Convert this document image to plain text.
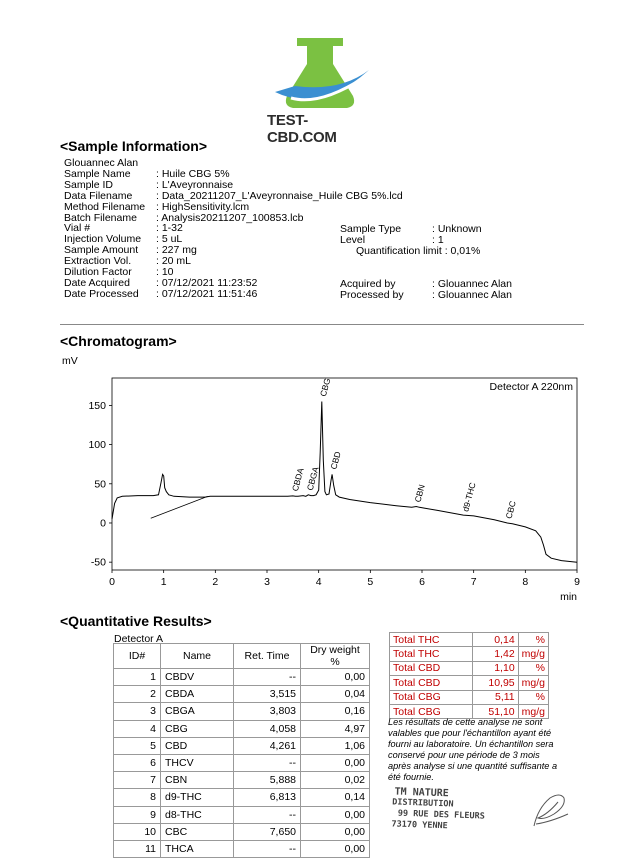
TEST-CBD.COM
<Sample Information>
Glouannec Alan
Sample Name : Huile CBG 5%
Sample ID	: L'Aveyronnaise
Data Filename : Data_20211207_L'Aveyronnaise_Huile CBG 5%.lcd
Method Filename : HighSensitivity.lcm
Batch Filename : Analysis20211207_100853.lcb
Vial #	: 1-32
Injection Volume : 5 uL
Sample Amount : 227 mg
Extraction Vol. : 20 mL
Dilution Factor : 10
Date Acquired : 07/12/2021 11:23:52
Date Processed : 07/12/2021 11:51:46
Sample Type	: Unknown
Level	: 1
Quantification limit : 0,01%
Acquired by	: Glouannec Alan
Processed by	: Glouannec Alan
<Chromatogram>
mV
Detector A 220nm
150
100
50
0
-50
0	1	2	3	4	5	6	7	8	9
min
CBDA CBGA
CBG
CBD
CBN	d9-THC	CBC
<Quantitative Results>
Detector A
ID#	Name	Ret. Time	Dry weight %
1	CBDV	--	0,00
2	CBDA	3,515	0,04
3	CBGA	3,803	0,16
4	CBG	4,058	4,97
5	CBD	4,261	1,06
6	THCV	--	0,00
7	CBN	5,888	0,02
8	d9-THC	6,813	0,14
9	d8-THC	--	0,00
10	CBC	7,650	0,00
11	THCA	--	0,00
Total THC	0,14	%
Total THC	1,42	mg/g
Total CBD	1,10	%
Total CBD	10,95	mg/g
Total CBG	5,11	%
Total CBG	51,10	mg/g
Les résultats de cette analyse ne sont valables que pour l'échantillon ayant été fourni au laboratoire. Un échantillon sera conservé pour une période de 3 mois après analyse si une quantité suffisante a été fournie.
TM NATURE
DISTRIBUTION
99 RUE DES FLEURS
73170 YENNE
